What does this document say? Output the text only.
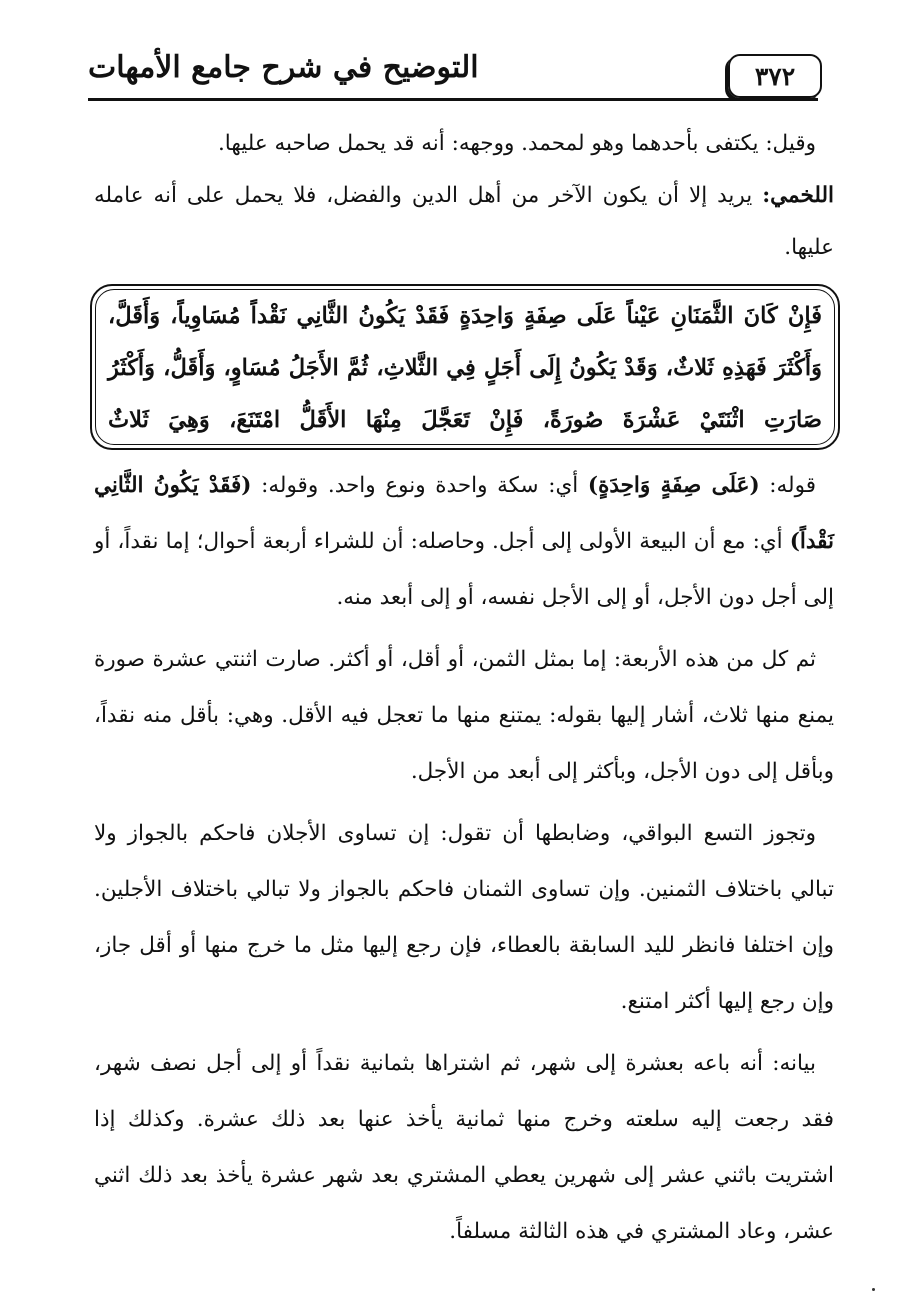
٣٧٢
التوضيح في شرح جامع الأمهات

وقيل: يكتفى بأحدهما وهو لمحمد. ووجهه: أنه قد يحمل صاحبه عليها.

اللخمي: يريد إلا أن يكون الآخر من أهل الدين والفضل، فلا يحمل على أنه عامله عليها.

فَإِنْ كَانَ الثَّمَنَانِ عَيْناً عَلَى صِفَةٍ وَاحِدَةٍ فَقَدْ يَكُونُ الثَّانِي نَقْداً مُسَاوِياً، وَأَقَلَّ، وَأَكْثَرَ فَهَذِهِ ثَلاثٌ، وَقَدْ يَكُونُ إِلَى أَجَلٍ فِي الثَّلاثِ، ثُمَّ الأَجَلُ مُسَاوٍ، وَأَقَلُّ، وَأَكْثَرُ صَارَتِ اثْنَتَيْ عَشْرَةَ صُورَةً، فَإِنْ تَعَجَّلَ مِنْهَا الأَقَلُّ امْتَنَعَ، وَهِيَ ثَلاثٌ

قوله: (عَلَى صِفَةٍ وَاحِدَةٍ) أي: سكة واحدة ونوع واحد. وقوله: (فَقَدْ يَكُونُ الثَّانِي نَقْداً) أي: مع أن البيعة الأولى إلى أجل. وحاصله: أن للشراء أربعة أحوال؛ إما نقداً، أو إلى أجل دون الأجل، أو إلى الأجل نفسه، أو إلى أبعد منه.

ثم كل من هذه الأربعة: إما بمثل الثمن، أو أقل، أو أكثر. صارت اثنتي عشرة صورة يمنع منها ثلاث، أشار إليها بقوله: يمتنع منها ما تعجل فيه الأقل. وهي: بأقل منه نقداً، وبأقل إلى دون الأجل، وبأكثر إلى أبعد من الأجل.

وتجوز التسع البواقي، وضابطها أن تقول: إن تساوى الأجلان فاحكم بالجواز ولا تبالي باختلاف الثمنين. وإن تساوى الثمنان فاحكم بالجواز ولا تبالي باختلاف الأجلين. وإن اختلفا فانظر لليد السابقة بالعطاء، فإن رجع إليها مثل ما خرج منها أو أقل جاز، وإن رجع إليها أكثر امتنع.

بيانه: أنه باعه بعشرة إلى شهر، ثم اشتراها بثمانية نقداً أو إلى أجل نصف شهر، فقد رجعت إليه سلعته وخرج منها ثمانية يأخذ عنها بعد ذلك عشرة. وكذلك إذا اشتريت باثني عشر إلى شهرين يعطي المشتري بعد شهر عشرة يأخذ بعد ذلك اثني عشر، وعاد المشتري في هذه الثالثة مسلفاً.
